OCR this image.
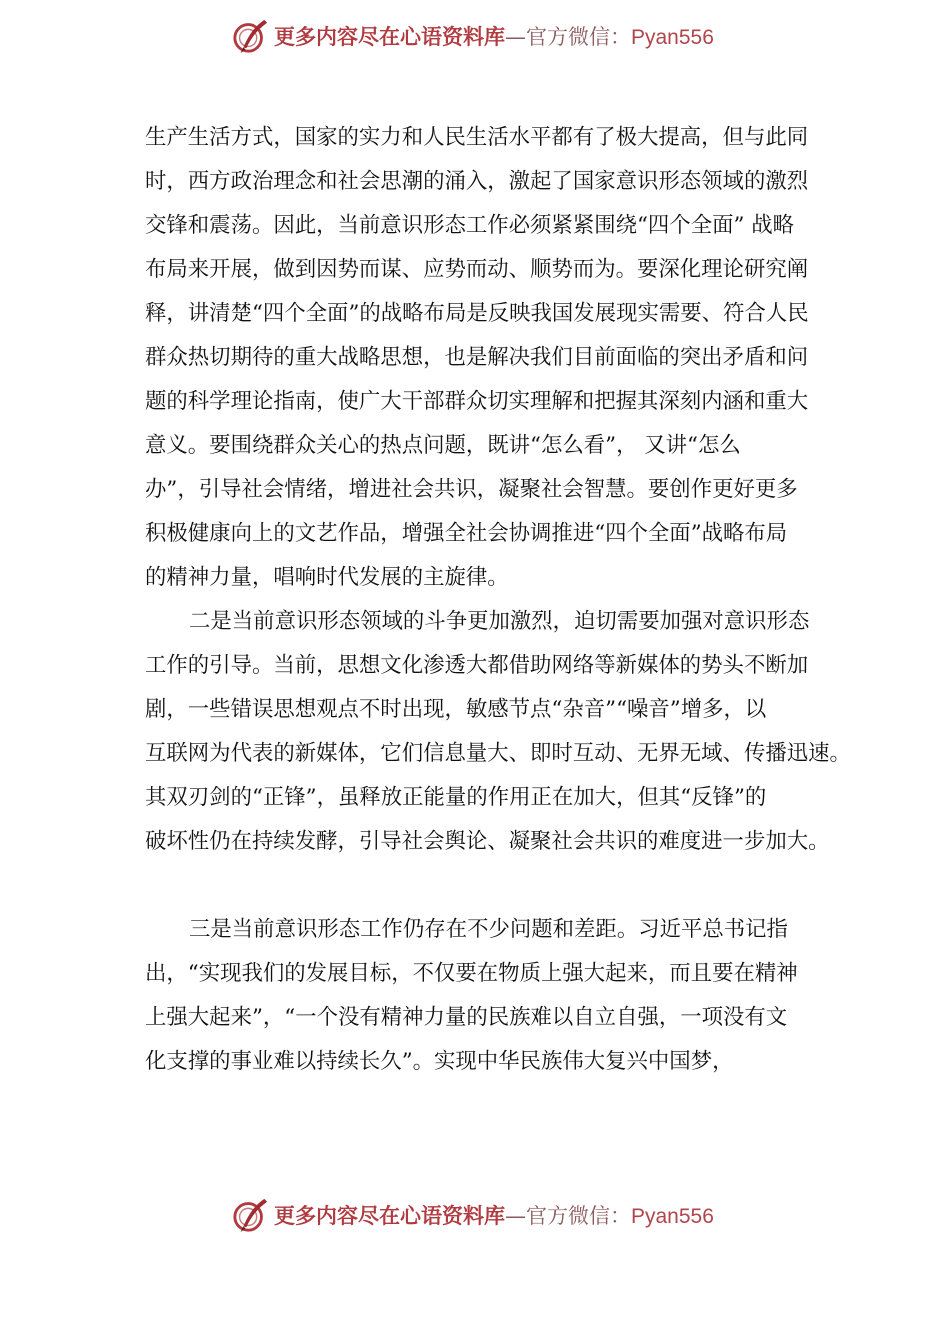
更多内容尽在心语资料库—官方微信：Pyan556
生产生活方式，国家的实力和人民生活水平都有了极大提高，但与此同
时，西方政治理念和社会思潮的涌入，激起了国家意识形态领域的激烈
交锋和震荡。因此，当前意识形态工作必须紧紧围绕“四个全面” 战略
布局来开展，做到因势而谋、应势而动、顺势而为。要深化理论研究阐
释，讲清楚“四个全面”的战略布局是反映我国发展现实需要、符合人民
群众热切期待的重大战略思想，也是解决我们目前面临的突出矛盾和问
题的科学理论指南，使广大干部群众切实理解和把握其深刻内涵和重大
意义。要围绕群众关心的热点问题，既讲“怎么看”， 又讲“怎么
办”，引导社会情绪，增进社会共识，凝聚社会智慧。要创作更好更多
积极健康向上的文艺作品，增强全社会协调推进“四个全面”战略布局
的精神力量，唱响时代发展的主旋律。
二是当前意识形态领域的斗争更加激烈，迫切需要加强对意识形态
工作的引导。当前，思想文化渗透大都借助网络等新媒体的势头不断加
剧，一些错误思想观点不时出现，敏感节点“杂音”“噪音”增多，以
互联网为代表的新媒体，它们信息量大、即时互动、无界无域、传播迅速。
其双刃剑的“正锋”，虽释放正能量的作用正在加大，但其“反锋”的
破坏性仍在持续发酵，引导社会舆论、凝聚社会共识的难度进一步加大。
三是当前意识形态工作仍存在不少问题和差距。习近平总书记指
出，“实现我们的发展目标，不仅要在物质上强大起来，而且要在精神
上强大起来”，“一个没有精神力量的民族难以自立自强，一项没有文
化支撑的事业难以持续长久”。实现中华民族伟大复兴中国梦，
更多内容尽在心语资料库—官方微信：Pyan556
